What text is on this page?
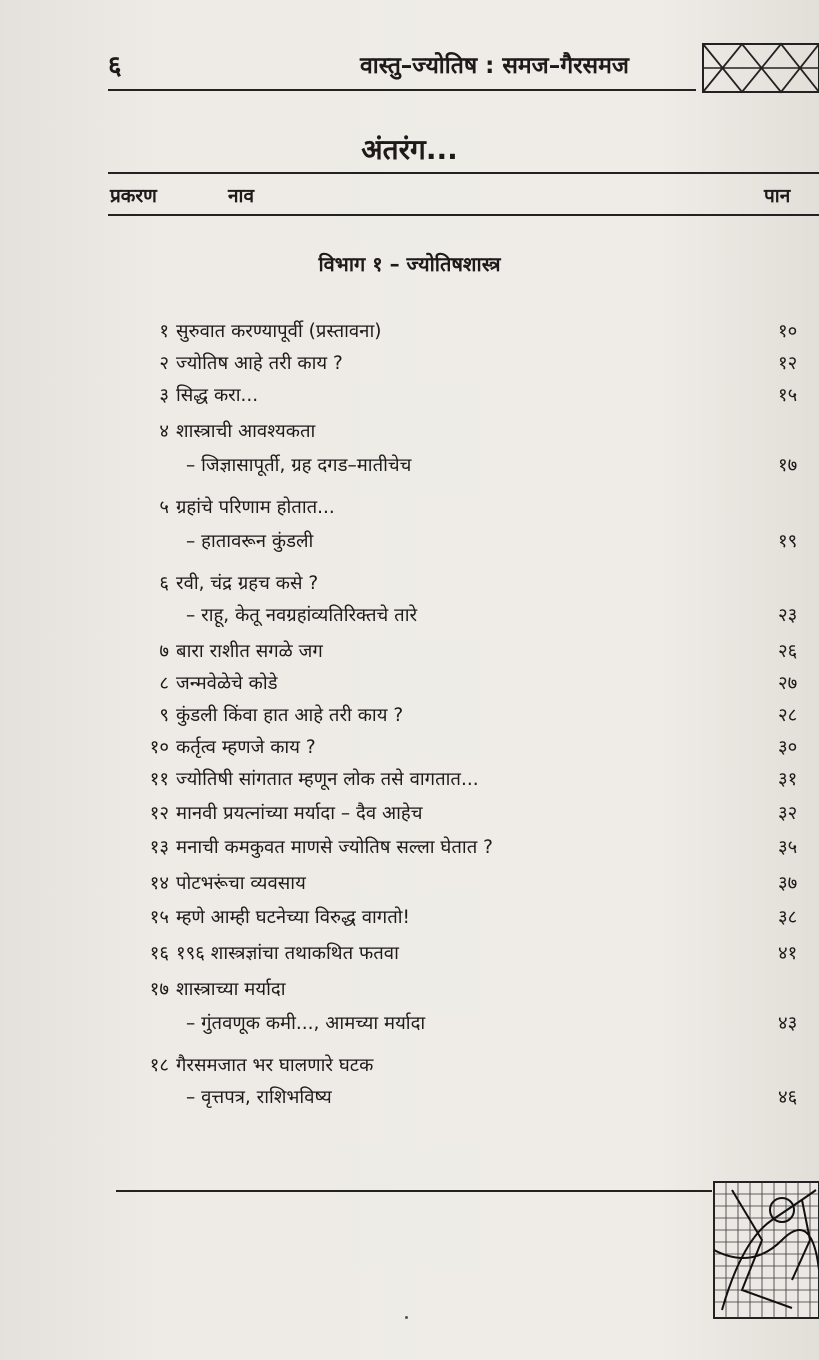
६	वास्तु–ज्योतिष : समज–गैरसमज
अंतरंग...
प्रकरण	नाव	पान
विभाग १ – ज्योतिषशास्त्र
१ सुरुवात करण्यापूर्वी (प्रस्तावना)	१०
२ ज्योतिष आहे तरी काय ?	१२
३ सिद्ध करा...	१५
४ शास्त्राची आवश्यकता
– जिज्ञासापूर्ती, ग्रह दगड–मातीचेच	१७
५ ग्रहांचे परिणाम होतात...
– हातावरून कुंडली	१९
६ रवी, चंद्र ग्रहच कसे ?
– राहू, केतू नवग्रहांव्यतिरिक्तचे तारे	२३
७ बारा राशीत सगळे जग	२६
८ जन्मवेळेचे कोडे	२७
९ कुंडली किंवा हात आहे तरी काय ?	२८
१० कर्तृत्व म्हणजे काय ?	३०
११ ज्योतिषी सांगतात म्हणून लोक तसे वागतात...	३१
१२ मानवी प्रयत्नांच्या मर्यादा – दैव आहेच	३२
१३ मनाची कमकुवत माणसे ज्योतिष सल्ला घेतात ?	३५
१४ पोटभरूंचा व्यवसाय	३७
१५ म्हणे आम्ही घटनेच्या विरुद्ध वागतो!	३८
१६ १९६ शास्त्रज्ञांचा तथाकथित फतवा	४१
१७ शास्त्राच्या मर्यादा
– गुंतवणूक कमी..., आमच्या मर्यादा	४३
१८ गैरसमजात भर घालणारे घटक
– वृत्तपत्र, राशिभविष्य	४६
